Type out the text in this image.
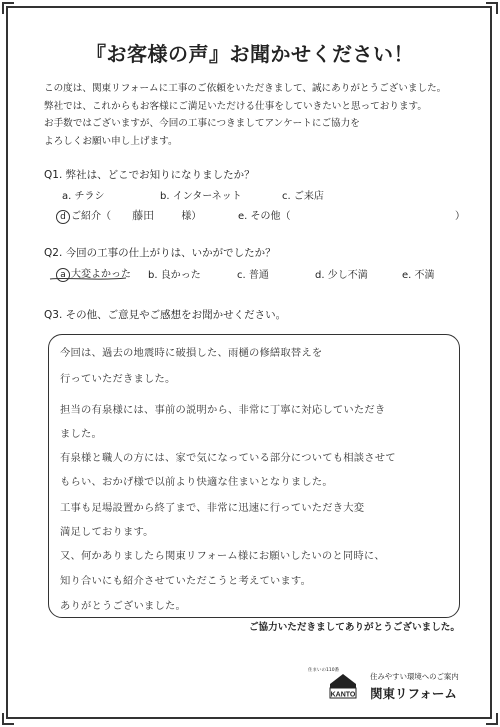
『お客様の声』お聞かせください！
この度は、関東リフォームに工事のご依頼をいただきまして、誠にありがとうございました。
弊社では、これからもお客様にご満足いただける仕事をしていきたいと思っております。
お手数ではございますが、今回の工事につきましてアンケートにご協力を
よろしくお願い申し上げます。
Q1. 弊社は、どこでお知りになりましたか？
a. チラシ	b. インターネット	c. ご来店
d ご紹介（ 藤田	様）	e. その他（	）
Q2. 今回の工事の仕上がりは、いかがでしたか？
a 大変よかった b. 良かった	c. 普通	d. 少し不満	e. 不満
Q3. その他、ご意見やご感想をお聞かせください。
今回は、過去の地震時に破損した、雨樋の修繕取替えを
行っていただきました。
担当の有泉様には、事前の説明から、非常に丁寧に対応していただき
ました。
有泉様と職人の方には、家で気になっている部分についても相談させて
もらい、おかげ様で以前より快適な住まいとなりました。
工事も足場設置から終了まで、非常に迅速に行っていただき大変
満足しております。
又、何かありましたら関東リフォーム様にお願いしたいのと同時に、
知り合いにも紹介させていただこうと考えています。
ありがとうございました。
ご協力いただきましてありがとうございました。
住まいの110番
KANTO
住みやすい環境へのご案内
関東リフォーム
